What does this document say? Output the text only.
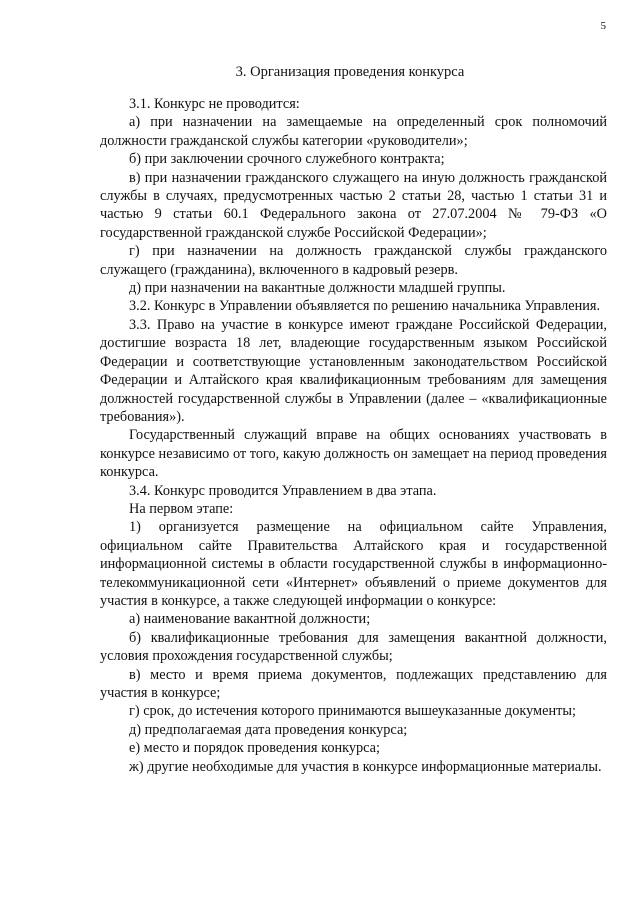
5
3. Организация проведения конкурса

3.1. Конкурс не проводится:

а) при назначении на замещаемые на определенный срок полномочий должности гражданской службы категории «руководители»;

б) при заключении срочного служебного контракта;

в) при назначении гражданского служащего на иную должность гражданской службы в случаях, предусмотренных частью 2 статьи 28, частью 1 статьи 31 и частью 9 статьи 60.1 Федерального закона от 27.07.2004 № 79-ФЗ «О государственной гражданской службе Российской Федерации»;

г) при назначении на должность гражданской службы гражданского служащего (гражданина), включенного в кадровый резерв.

д) при назначении на вакантные должности младшей группы.

3.2. Конкурс в Управлении объявляется по решению начальника Управления.

3.3. Право на участие в конкурсе имеют граждане Российской Федерации, достигшие возраста 18 лет, владеющие государственным языком Российской Федерации и соответствующие установленным законодательством Российской Федерации и Алтайского края квалификационным требованиям для замещения должностей государственной службы в Управлении (далее – «квалификационные требования»).

Государственный служащий вправе на общих основаниях участвовать в конкурсе независимо от того, какую должность он замещает на период проведения конкурса.

3.4. Конкурс проводится Управлением в два этапа.

На первом этапе:

1) организуется размещение на официальном сайте Управления, официальном сайте Правительства Алтайского края и государственной информационной системы в области государственной службы в информационно-телекоммуникационной сети «Интернет» объявлений о приеме документов для участия в конкурсе, а также следующей информации о конкурсе:

а) наименование вакантной должности;

б) квалификационные требования для замещения вакантной должности, условия прохождения государственной службы;

в) место и время приема документов, подлежащих представлению для участия в конкурсе;

г) срок, до истечения которого принимаются вышеуказанные документы;

д) предполагаемая дата проведения конкурса;

е) место и порядок проведения конкурса;

ж) другие необходимые для участия в конкурсе информационные материалы.
